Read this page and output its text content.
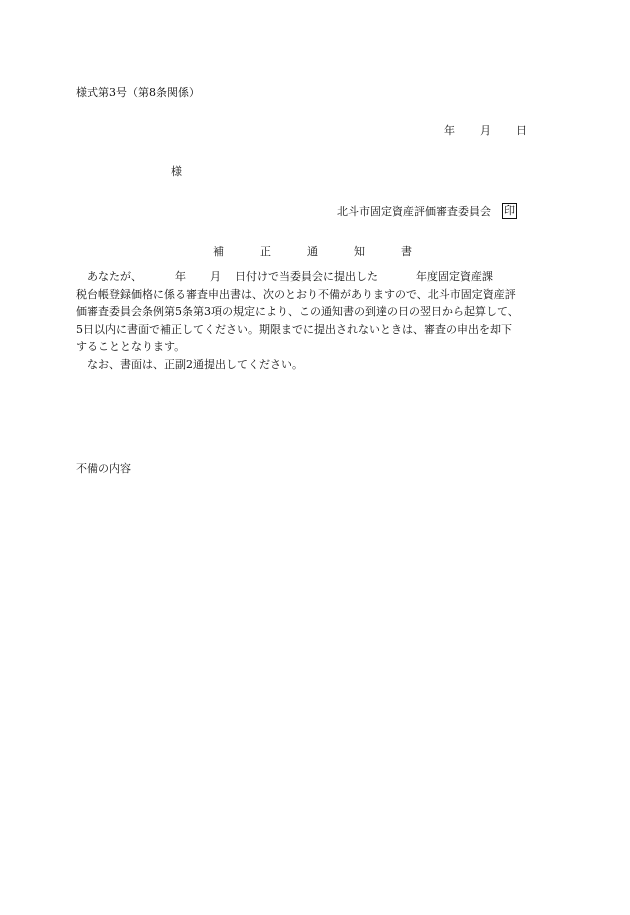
様式第3号（第8条関係）
年 月 日
様
北斗市固定資産評価審査委員会 印
補	正	通	知	書
あなたが、	年 月 日付けで当委員会に提出した	年度固定資産課
税台帳登録価格に係る審査申出書は、次のとおり不備がありますので、北斗市固定資産評
価審査委員会条例第5条第3項の規定により、この通知書の到達の日の翌日から起算して、
5日以内に書面で補正してください。期限までに提出されないときは、審査の申出を却下
することとなります。
なお、書面は、正副2通提出してください。
不備の内容
